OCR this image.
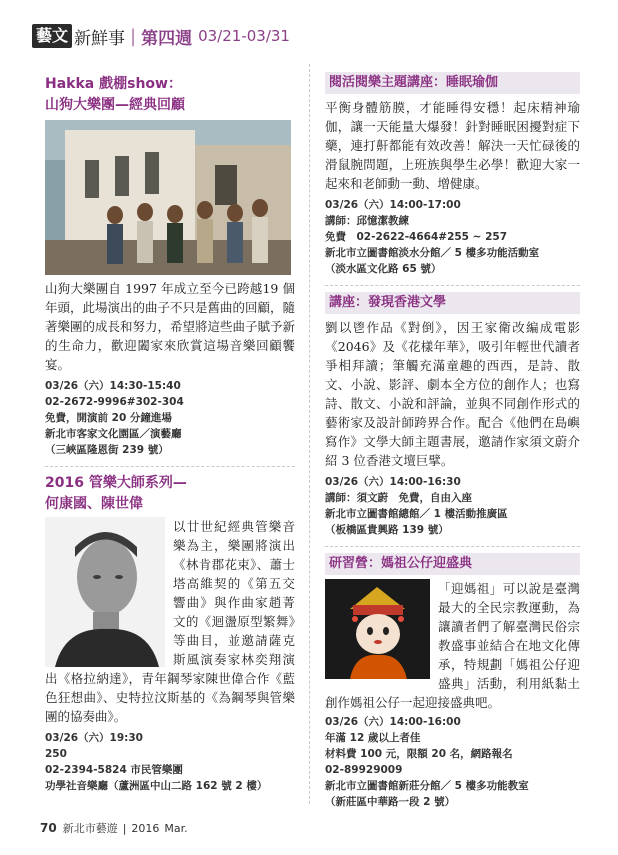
藝文 新鮮事 | 第四週 03/21-03/31
Hakka 戲棚show：
山狗大樂團—經典回顧
山狗大樂團自 1997 年成立至今已跨越19 個年頭，此場演出的曲子不只是舊曲的回顧，隨著樂團的成長和努力，希望將這些曲子賦予新的生命力，歡迎闔家來欣賞這場音樂回顧饗宴。
03/26（六）14:30-15:40
02-2672-9996#302-304
免費，開演前 20 分鐘進場
新北市客家文化園區／演藝廳
（三峽區隆恩街 239 號）
2016 管樂大師系列—
何康國、陳世偉
以廿世紀經典管樂音樂為主，樂團將演出《林肯郡花束》、蕭士塔高維契的《第五交響曲》與作曲家趙菁文的《迴盪原型繁舞》等曲目，並邀請薩克斯風演奏家林奕翔演出《格拉納達》，青年鋼琴家陳世偉合作《藍色狂想曲》、史特拉汶斯基的《為鋼琴與管樂團的協奏曲》。
03/26（六）19:30
250
02-2394-5824 市民管樂團
功學社音樂廳（蘆洲區中山二路 162 號 2 樓）
閱活閱樂主題講座：睡眠瑜伽
平衡身體筋膜，才能睡得安穩！起床精神瑜伽，讓一天能量大爆發！針對睡眠困擾對症下藥，連打鼾都能有效改善！解決一天忙碌後的滑鼠腕問題，上班族與學生必學！歡迎大家一起來和老師動一動、增健康。
03/26（六）14:00-17:00
講師：邱憶潔教練
免費　02-2622-4664#255 ~ 257
新北市立圖書館淡水分館／ 5 樓多功能活動室
（淡水區文化路 65 號）
講座：發現香港文學
劉以鬯作品《對倒》，因王家衛改編成電影《2046》及《花樣年華》，吸引年輕世代讀者爭相拜讀；筆觸充滿童趣的西西，是詩、散文、小說、影評、劇本全方位的創作人；也寫詩、散文、小說和評論，並與不同創作形式的藝術家及設計師跨界合作。配合《他們在島嶼寫作》文學大師主題書展，邀請作家須文蔚介紹 3 位香港文壇巨擘。
03/26（六）14:00-16:30
講師：須文蔚　免費，自由入座
新北市立圖書館總館／ 1 樓活動推廣區
（板橋區貴興路 139 號）
研習營：媽祖公仔迎盛典
「迎媽祖」可以說是臺灣最大的全民宗教運動，為讓讀者們了解臺灣民俗宗教盛事並結合在地文化傳承，特規劃「媽祖公仔迎盛典」活動，利用紙黏土創作媽祖公仔一起迎接盛典吧。
03/26（六）14:00-16:00
年滿 12 歲以上者佳
材料費 100 元，限額 20 名，網路報名
02-89929009
新北市立圖書館新莊分館／ 5 樓多功能教室
（新莊區中華路一段 2 號）
70 新北市藝遊 | 2016 Mar.
